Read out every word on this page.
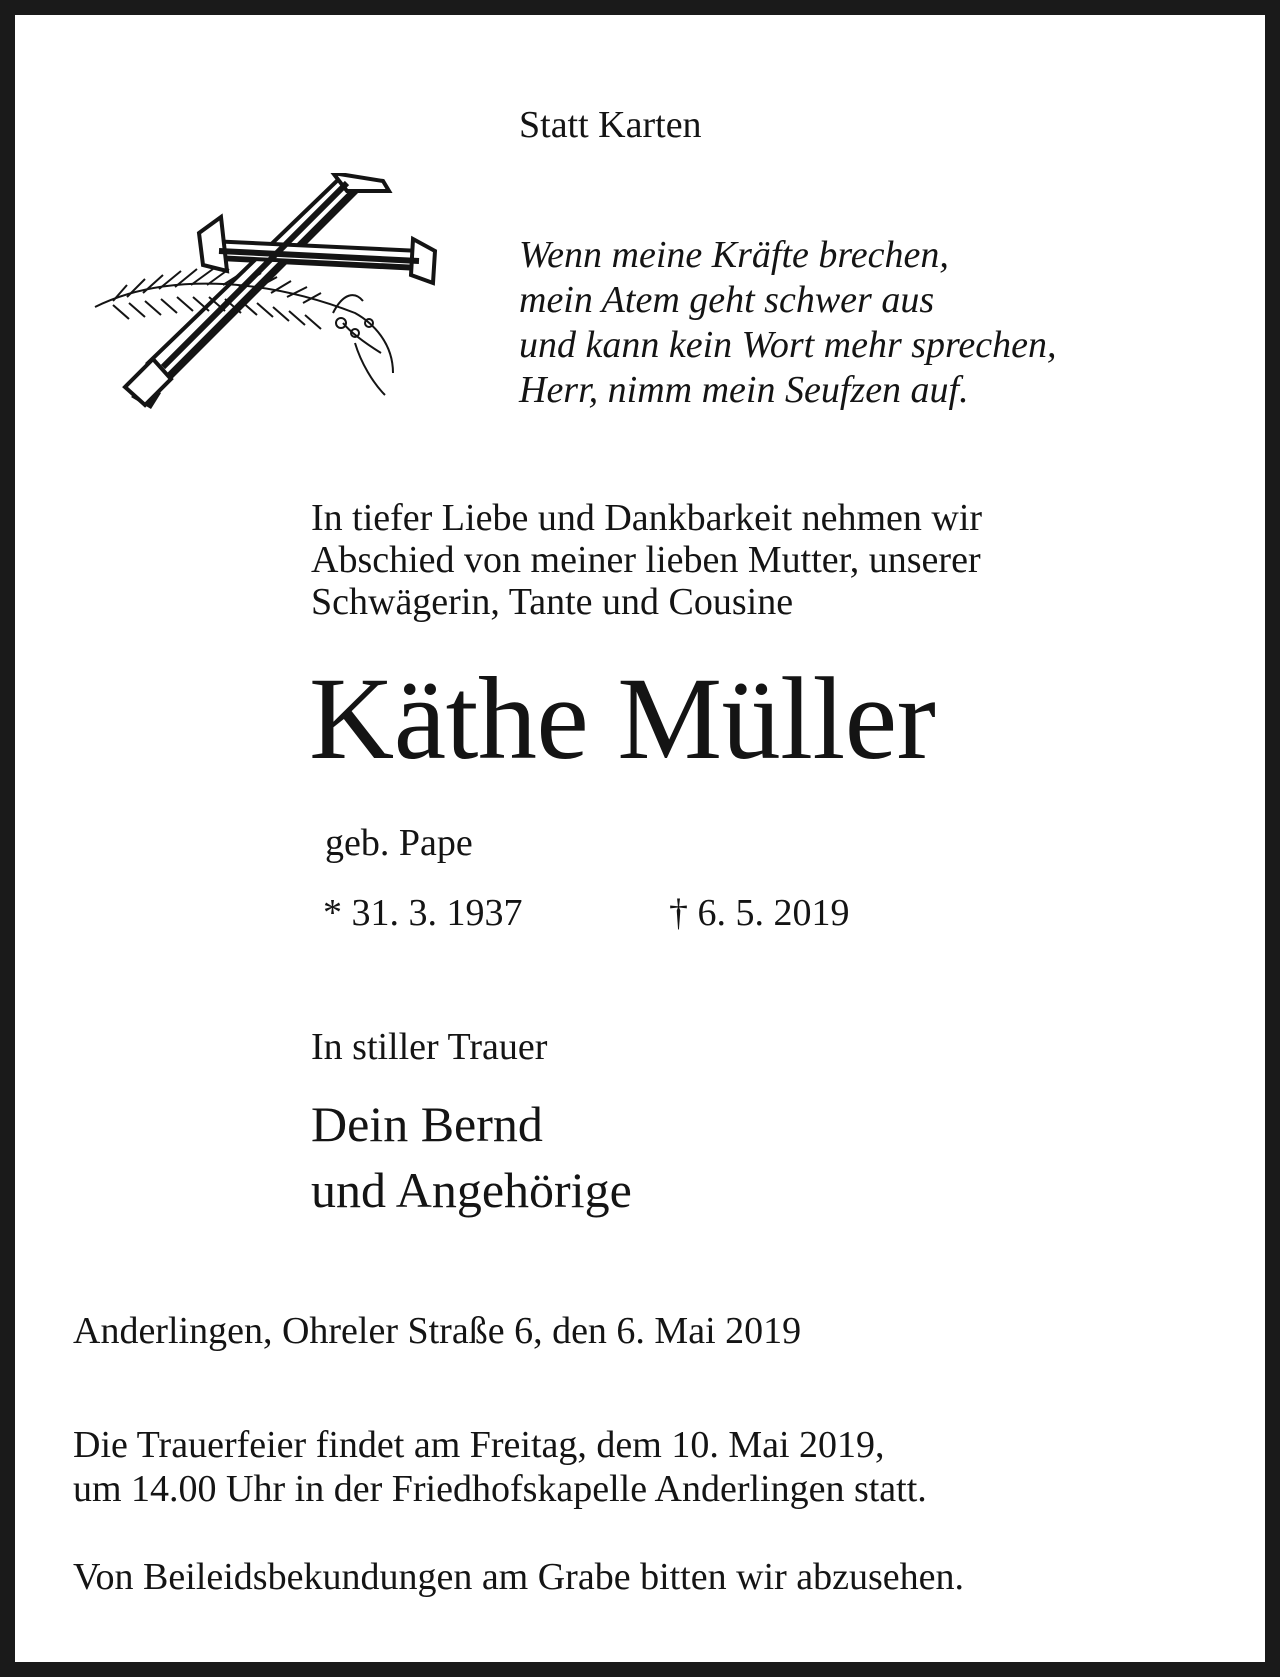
Statt Karten
Wenn meine Kräfte brechen,
mein Atem geht schwer aus
und kann kein Wort mehr sprechen,
Herr, nimm mein Seufzen auf.
In tiefer Liebe und Dankbarkeit nehmen wir
Abschied von meiner lieben Mutter, unserer
Schwägerin, Tante und Cousine
Käthe Müller
geb. Pape
* 31. 3. 1937	† 6. 5. 2019
In stiller Trauer
Dein Bernd
und Angehörige
Anderlingen, Ohreler Straße 6, den 6. Mai 2019
Die Trauerfeier findet am Freitag, dem 10. Mai 2019,
um 14.00 Uhr in der Friedhofskapelle Anderlingen statt.
Von Beileidsbekundungen am Grabe bitten wir abzusehen.
